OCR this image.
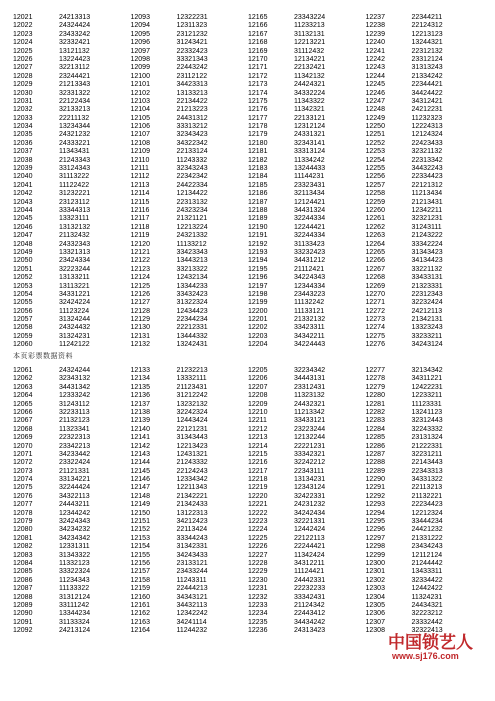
12021	24213313
12022	24324424
12023	23433242
12024	32332421
12025	13121132
12026	13224423
12027	32213112
12028	23244421
12029	21213343
12030	32331322
12031	22122434
12032	32133213
12033	22211132
12034	13234344
12035	24321232
12036	24333221
12037	11343431
12038	21243343
12039	33124343
12040	31113222
12041	11122422
12042	31232221
12043	23123112
12044	33344313
12045	13323111
12046	13132132
12047	21132432
12048	24332343
12049	13321313
12050	23424334
12051	32223244
12052	13133211
12053	13113221
12054	34331221
12055	32424224
12056	11123224
12057	31324244
12058	24324432
12059	31324231
12060	11242122
12093	12322231
12094	12311323
12095	23121232
12096	31243421
12097	22332423
12098	33321343
12099	22443242
12100	23112122
12101	34423313
12102	13133213
12103	22134422
12104	21213223
12105	24431312
12106	33313212
12107	32343423
12108	34322342
12109	22133124
12110	11243332
12111	32343243
12112	22342342
12113	24422334
12114	12134422
12115	22313132
12116	24323234
12117	21321121
12118	12213224
12119	24321332
12120	11133212
12121	33423343
12122	13443213
12123	33213322
12124	12432134
12125	13344233
12126	33432423
12127	31322324
12128	12434423
12129	22344234
12130	22212331
12131	13444332
12132	13242431
12165	23343224
12166	11233213
12167	31132131
12168	12213221
12169	31112432
12170	12134221
12171	22132421
12172	11342132
12173	24424321
12174	34332224
12175	11343322
12176	11342321
12177	22133121
12178	12312124
12179	24331321
12180	32343141
12181	33313124
12182	11334242
12183	13244433
12184	11144231
12185	23323431
12186	32113434
12187	12124421
12188	34431324
12189	32244334
12190	12244421
12191	32244334
12192	31133423
12193	33232423
12194	34431212
12195	21112421
12196	34224343
12197	12344334
12198	23443223
12199	11132242
12200	11133121
12201	21332132
12202	33423311
12203	34342211
12204	34224443
12237	22344211
12238	22124312
12239	12213123
12240	13244321
12241	22312132
12242	23312124
12243	31313243
12244	21334242
12245	22344421
12246	34424422
12247	34312421
12248	24212231
12249	11232323
12250	12224313
12251	12124324
12252	22423433
12253	32321132
12254	22313342
12255	34432243
12256	22334423
12257	22121312
12258	11213434
12259	21213431
12260	12342211
12261	32321231
12262	31243111
12263	21243222
12264	33342224
12265	31343423
12266	34134423
12267	33221132
12268	33433131
12269	21323331
12270	22312343
12271	32232424
12272	24212113
12273	21342131
12274	13323243
12275	33233211
12276	34243124
本页彩票数据资料
12061	24324244
12062	32343132
12063	34431342
12064	12333242
12065	31243112
12066	32233113
12067	21132123
12068	11323341
12069	22322313
12070	23342213
12071	34233442
12072	23322424
12073	21121331
12074	33134221
12075	32244424
12076	34322113
12077	24443211
12078	12344242
12079	32424343
12080	34234232
12081	34234342
12082	12331311
12083	31343322
12084	11332123
12085	33322324
12086	11234343
12087	11133322
12088	31312124
12089	33111242
12090	13344234
12091	31133324
12092	24213124
12133	21232213
12134	13332111
12135	21123431
12136	31212242
12137	13232132
12138	32242324
12139	12443424
12140	22121231
12141	31343443
12142	12213423
12143	12431321
12144	21243332
12145	22124243
12146	12334342
12147	12211343
12148	21342221
12149	21342433
12150	13122313
12151	34212423
12152	22113424
12153	33344243
12154	31342331
12155	34243433
12156	23133121
12157	23433244
12158	11243311
12159	22444213
12160	34343121
12161	34432113
12162	12342242
12163	34241114
12164	11244232
12205	32234342
12206	34443131
12207	23312431
12208	11323132
12209	24432321
12210	11213342
12211	33433121
12212	23223244
12213	12132244
12214	22221231
12215	33342321
12216	32242212
12217	22343111
12218	13134231
12219	12343124
12220	32422331
12221	24231232
12222	34242434
12223	32221331
12224	12442424
12225	22122113
12226	22244421
12227	11342424
12228	34312211
12229	11124421
12230	24442331
12231	22232233
12232	33342431
12233	21124342
12234	22443412
12235	34434242
12236	24313423
12277	32134342
12278	34311221
12279	12422231
12280	12233211
12281	11123331
12282	13241123
12283	32312443
12284	32243332
12285	23131324
12286	21222331
12287	32231211
12288	22143443
12289	22343313
12290	34331322
12291	22113213
12292	21132221
12293	22234423
12294	12212324
12295	33444234
12296	24421232
12297	21331222
12298	23434243
12299	12112124
12300	21244442
12301	13433311
12302	32334422
12303	12442422
12304	11324231
12305	24434321
12306	32223212
12307	23332442
12308	32322413
中国锁艺人
www.sj176.com
